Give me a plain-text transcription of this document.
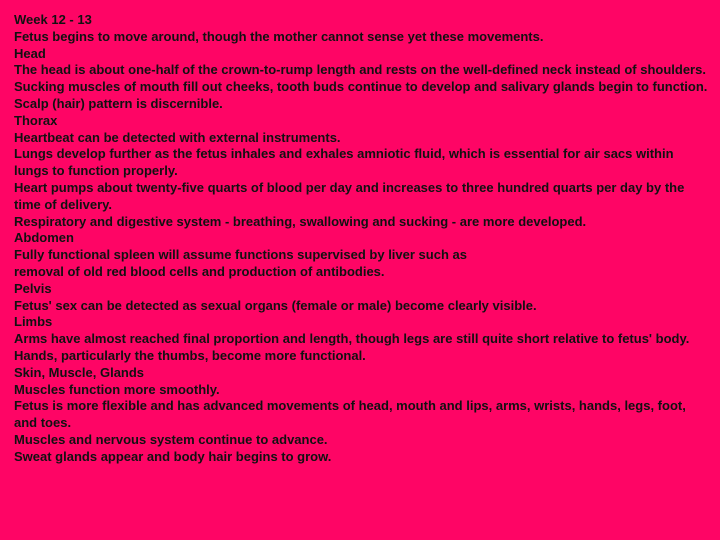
Week 12 - 13
Fetus begins to move around, though the mother cannot sense yet these movements.
Head
The head is about one-half of the crown-to-rump length and rests on the well-defined neck instead of shoulders.
Sucking muscles of mouth fill out cheeks, tooth buds continue to develop and salivary glands begin to function.
Scalp (hair) pattern is discernible.
Thorax
Heartbeat can be detected with external instruments.
Lungs develop further as the fetus inhales and exhales amniotic fluid, which is essential for air sacs within lungs to function properly.
Heart pumps about twenty-five quarts of blood per day and increases to three hundred quarts per day by the time of delivery.
Respiratory and digestive system - breathing, swallowing and sucking - are more developed.
Abdomen
Fully functional spleen will assume functions supervised by liver such as
removal of old red blood cells and production of antibodies.
Pelvis
Fetus' sex can be detected as sexual organs (female or male) become clearly visible.
Limbs
Arms have almost reached final proportion and length, though legs are still quite short relative to fetus' body.
Hands, particularly the thumbs, become more functional.
Skin, Muscle, Glands
Muscles function more smoothly.
Fetus is more flexible and has advanced movements of head, mouth and lips, arms, wrists, hands, legs, foot, and toes.
Muscles and nervous system continue to advance.
Sweat glands appear and body hair begins to grow.
